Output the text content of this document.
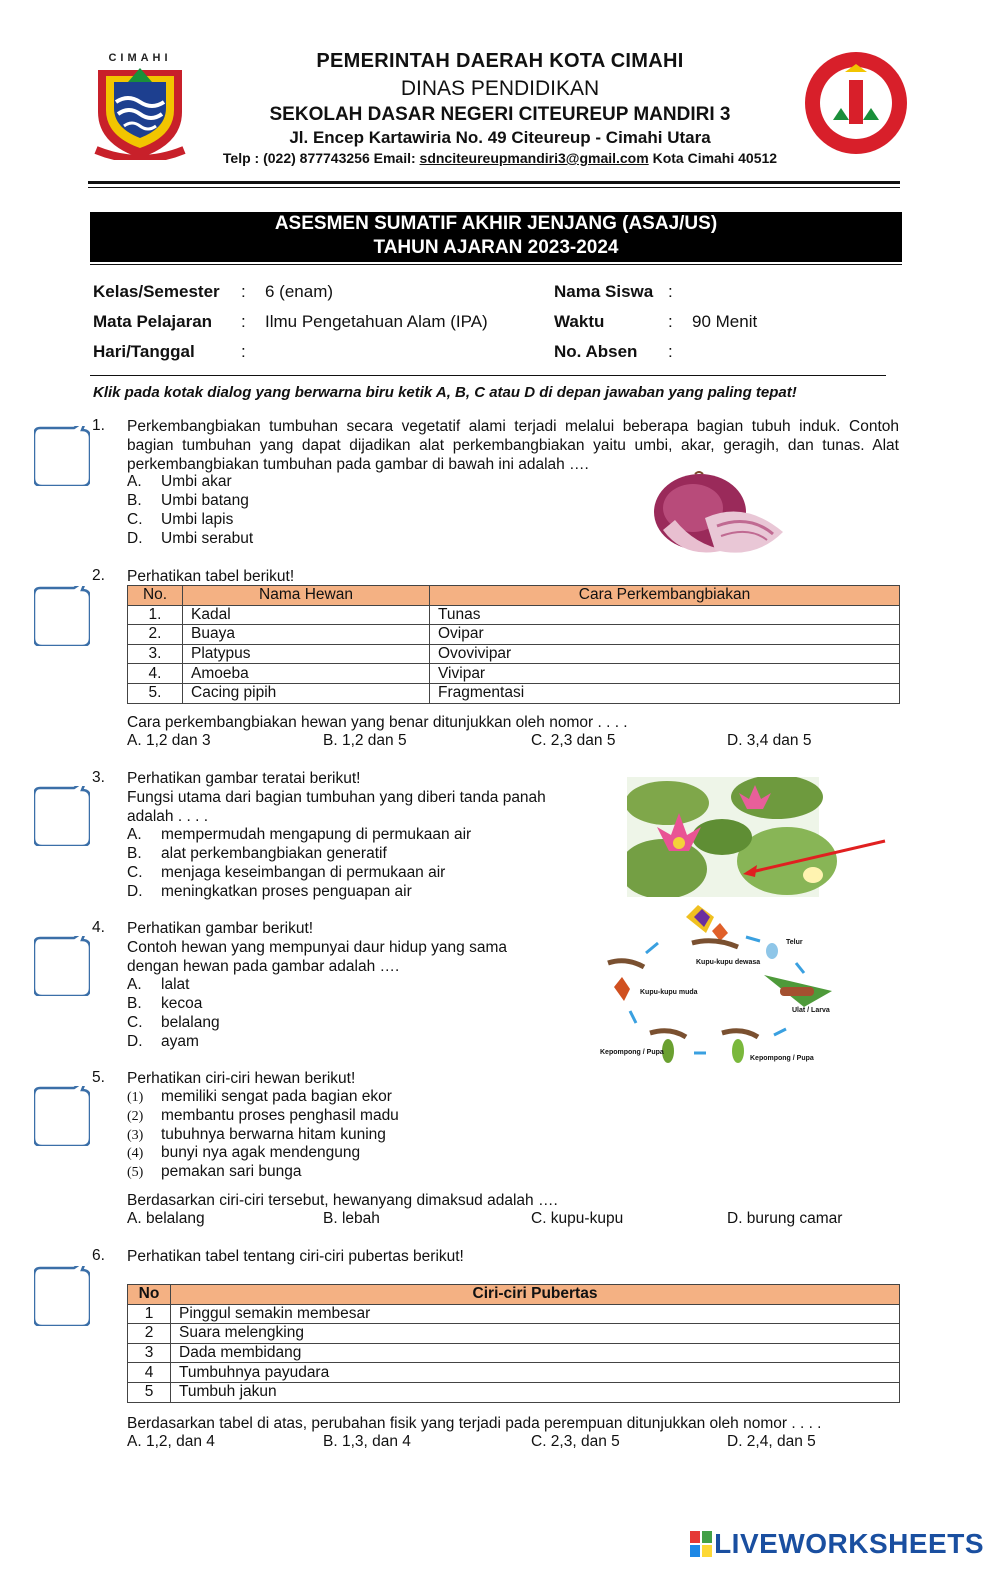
CIMAHI	PEMERINTAH DAERAH KOTA CIMAHI
DINAS PENDIDIKAN
SEKOLAH DASAR NEGERI CITEUREUP MANDIRI 3
Jl. Encep Kartawiria No. 49 Citeureup - Cimahi Utara
Telp : (022) 877743256 Email: sdnciteureupmandiri3@gmail.com Kota Cimahi 40512
ASESMEN SUMATIF AKHIR JENJANG (ASAJ/US)
TAHUN AJARAN 2023-2024
Kelas/Semester : 6 (enam)
Mata Pelajaran : Ilmu Pengetahuan Alam (IPA)
Hari/Tanggal	:
Nama Siswa :
Waktu	: 90 Menit
No. Absen :
Klik pada kotak dialog yang berwarna biru ketik A, B, C atau D di depan jawaban yang paling tepat!
1. Perkembangbiakan tumbuhan secara vegetatif alami terjadi melalui beberapa bagian tubuh induk. Contoh bagian tumbuhan yang dapat dijadikan alat perkembangbiakan yaitu umbi, akar, geragih, dan tunas. Alat perkembangbiakan tumbuhan pada gambar di bawah ini adalah ….
A. Umbi akar
B. Umbi batang
C. Umbi lapis
D. Umbi serabut
2. Perhatikan tabel berikut!
No.	Nama Hewan	Cara Perkembangbiakan
1.	Kadal	Tunas
2.	Buaya	Ovipar
3.	Platypus	Ovovivipar
4.	Amoeba	Vivipar
5.	Cacing pipih	Fragmentasi
Cara perkembangbiakan hewan yang benar ditunjukkan oleh nomor . . . .
A. 1,2 dan 3	B. 1,2 dan 5	C. 2,3 dan 5	D. 3,4 dan 5
3. Perhatikan gambar teratai berikut!
Fungsi utama dari bagian tumbuhan yang diberi tanda panah
adalah . . . .
A. mempermudah mengapung di permukaan air
B. alat perkembangbiakan generatif
C. menjaga keseimbangan di permukaan air
D. meningkatkan proses penguapan air
4. Perhatikan gambar berikut!
Contoh hewan yang mempunyai daur hidup yang sama
dengan hewan pada gambar adalah ….
A. lalat
B. kecoa
C. belalang
D. ayam
Kupu-kupu dewasa
Telur
Ulat / Larva
Kepompong / Pupa
Kepompong / Pupa
Kupu-kupu muda
5. Perhatikan ciri-ciri hewan berikut!
(1) memiliki sengat pada bagian ekor
(2) membantu proses penghasil madu
(3) tubuhnya berwarna hitam kuning
(4) bunyi nya agak mendengung
(5) pemakan sari bunga
Berdasarkan ciri-ciri tersebut, hewanyang dimaksud adalah ….
A. belalang	B. lebah	C. kupu-kupu	D. burung camar
6. Perhatikan tabel tentang ciri-ciri pubertas berikut!
No	Ciri-ciri Pubertas
1	Pinggul semakin membesar
2	Suara melengking
3	Dada membidang
4	Tumbuhnya payudara
5	Tumbuh jakun
Berdasarkan tabel di atas, perubahan fisik yang terjadi pada perempuan ditunjukkan oleh nomor . . . .
A. 1,2, dan 4	B. 1,3, dan 4	C. 2,3, dan 5	D. 2,4, dan 5
LIVEWORKSHEETS
